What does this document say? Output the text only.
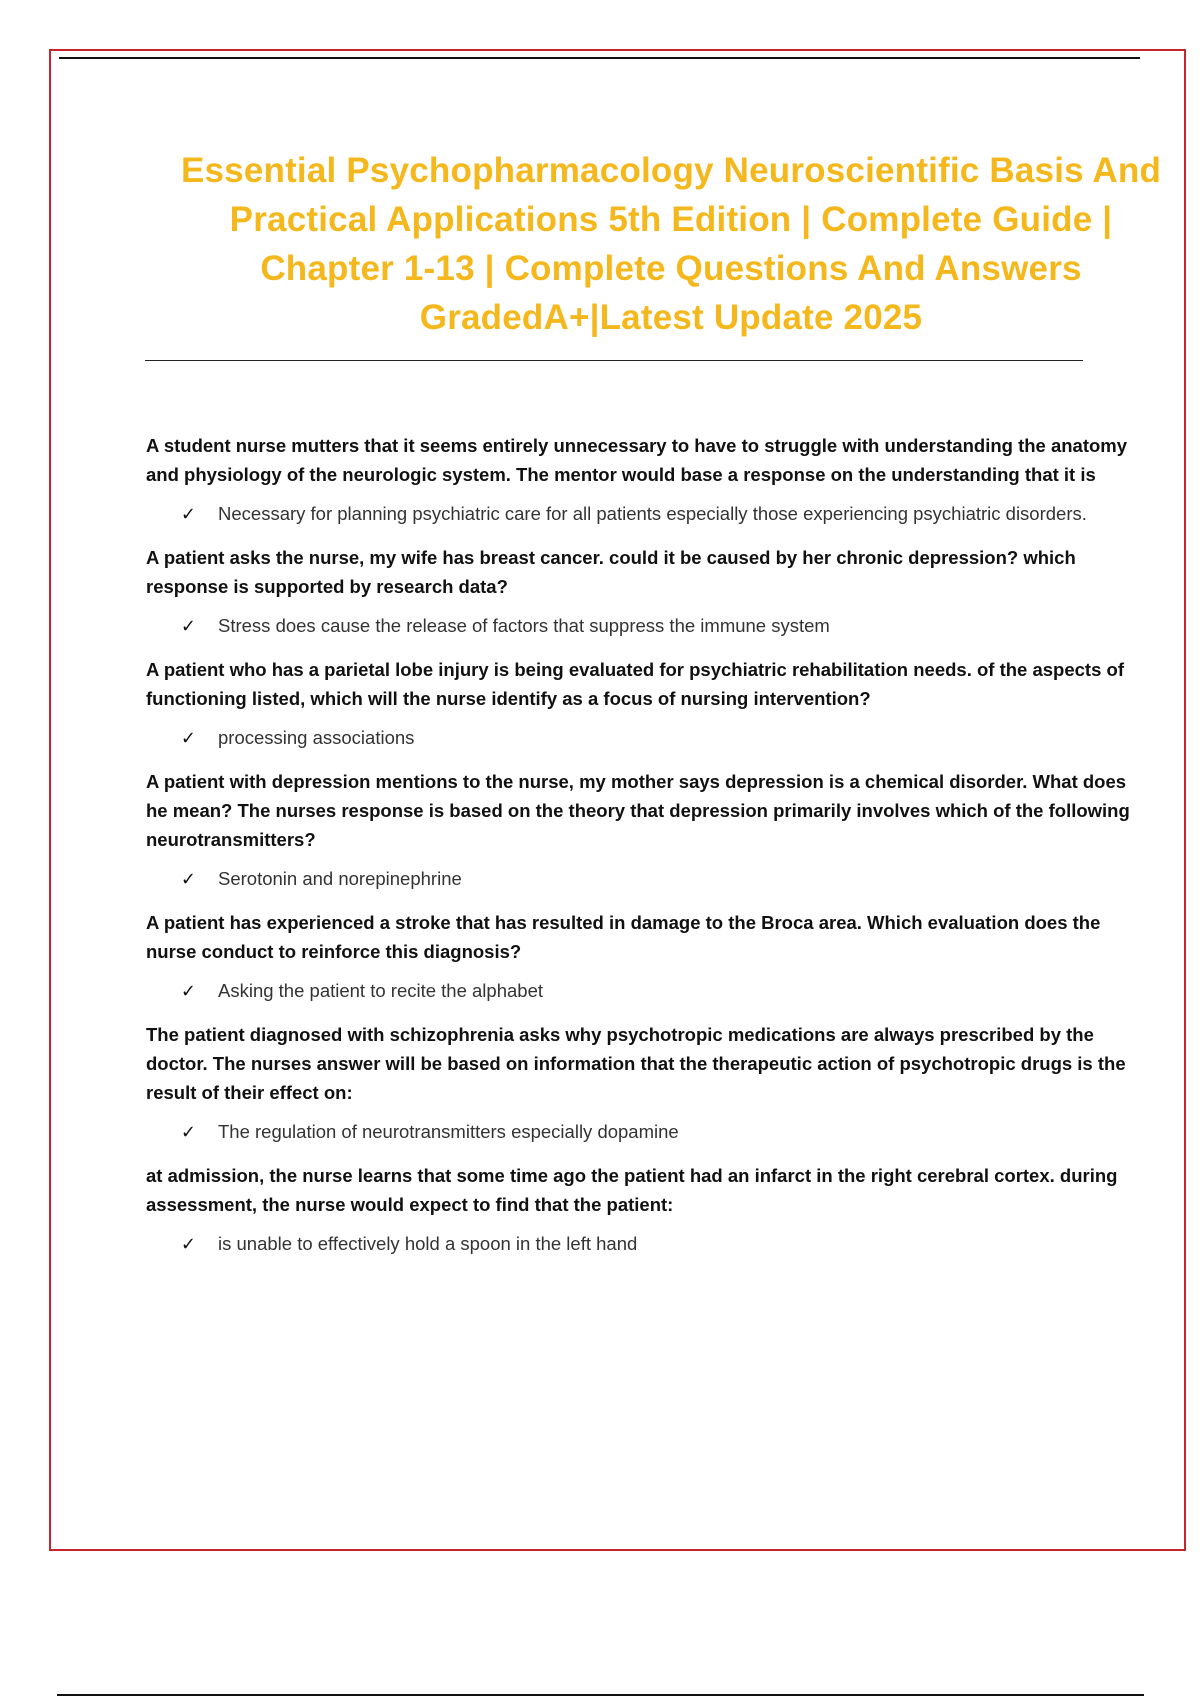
Essential Psychopharmacology Neuroscientific Basis And Practical Applications 5th Edition | Complete Guide | Chapter 1-13 | Complete Questions And Answers GradedA+|Latest Update 2025

A student nurse mutters that it seems entirely unnecessary to have to struggle with understanding the anatomy and physiology of the neurologic system. The mentor would base a response on the understanding that it is

✓	Necessary for planning psychiatric care for all patients especially those experiencing psychiatric disorders.

A patient asks the nurse, my wife has breast cancer. could it be caused by her chronic depression? which response is supported by research data?

✓	Stress does cause the release of factors that suppress the immune system

A patient who has a parietal lobe injury is being evaluated for psychiatric rehabilitation needs. of the aspects of functioning listed, which will the nurse identify as a focus of nursing intervention?

✓	processing associations

A patient with depression mentions to the nurse, my mother says depression is a chemical disorder. What does he mean? The nurses response is based on the theory that depression primarily involves which of the following neurotransmitters?

✓	Serotonin and norepinephrine

A patient has experienced a stroke that has resulted in damage to the Broca area. Which evaluation does the nurse conduct to reinforce this diagnosis?

✓	Asking the patient to recite the alphabet

The patient diagnosed with schizophrenia asks why psychotropic medications are always prescribed by the doctor. The nurses answer will be based on information that the therapeutic action of psychotropic drugs is the result of their effect on:

✓	The regulation of neurotransmitters especially dopamine

at admission, the nurse learns that some time ago the patient had an infarct in the right cerebral cortex. during assessment, the nurse would expect to find that the patient:

✓	is unable to effectively hold a spoon in the left hand
